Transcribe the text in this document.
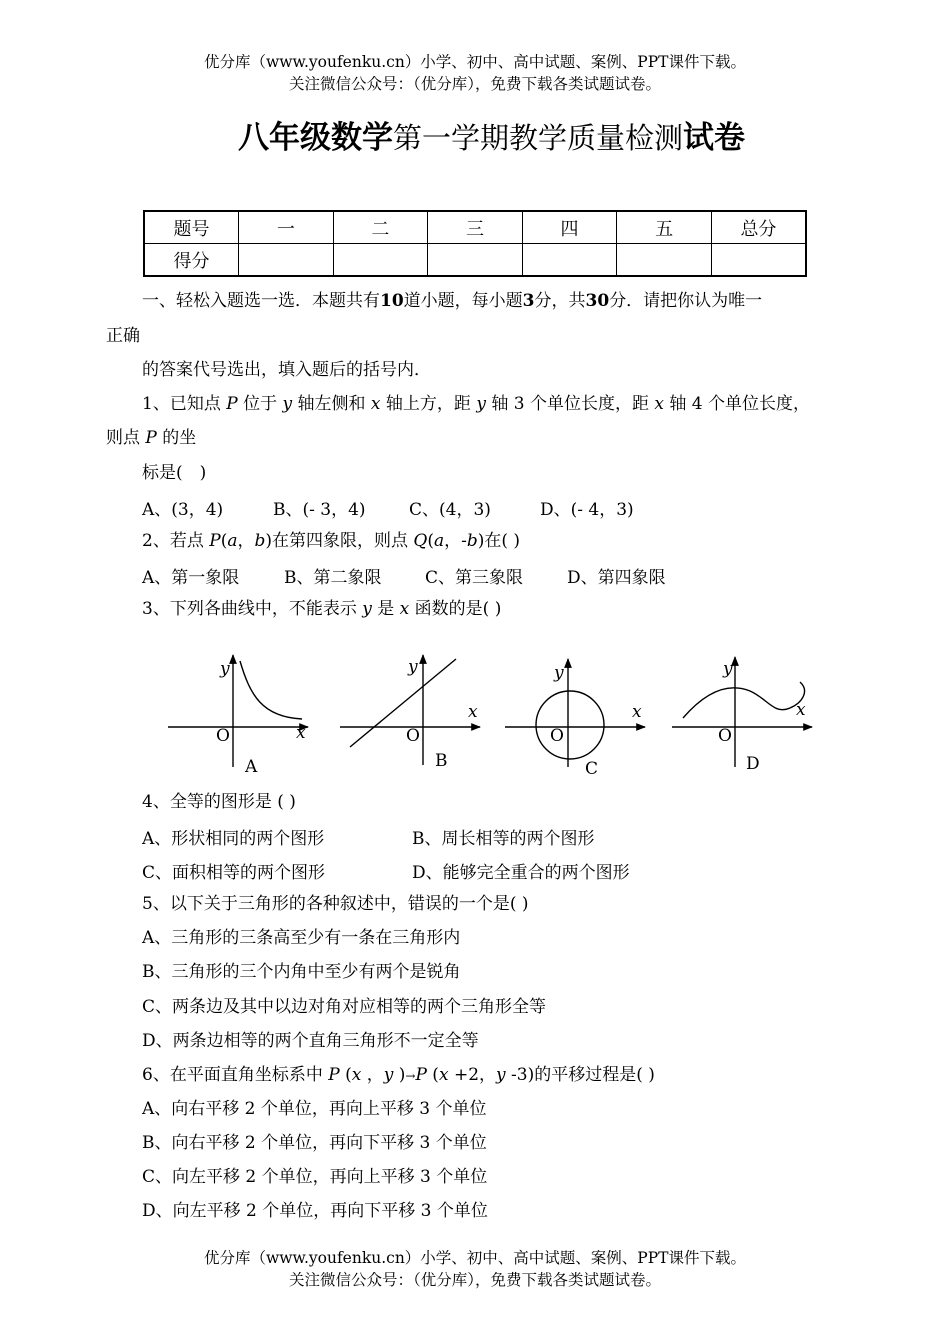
优分库（www.youfenku.cn）小学、初中、高中试题、案例、PPT课件下载。
关注微信公众号：（优分库），免费下载各类试题试卷。
八年级数学第一学期教学质量检测试卷
题号	一	二	三	四	五	总分
得分						
一、轻松入题选一选．本题共有10道小题，每小题3分，共30分．请把你认为唯一
正确
的答案代号选出，填入题后的括号内．
1、已知点 P 位于 y 轴左侧和 x 轴上方，距 y 轴 3 个单位长度，距 x 轴 4 个单位长度，
则点 P 的坐
标是(　)
A、(3，4)	B、(- 3，4)	C、(4，3)	D、(- 4，3)
2、若点 P(a，b)在第四象限，则点 Q(a，-b)在( )
A、第一象限	B、第二象限	C、第三象限	D、第四象限
3、下列各曲线中，不能表示 y 是 x 函数的是( )
y
O	x
A
y
O
x
B
y
O
x
C
y
O
x
D
4、全等的图形是 ( )
A、形状相同的两个图形	B、周长相等的两个图形
C、面积相等的两个图形	D、能够完全重合的两个图形
5、以下关于三角形的各种叙述中，错误的一个是( )
A、三角形的三条高至少有一条在三角形内
B、三角形的三个内角中至少有两个是锐角
C、两条边及其中以边对角对应相等的两个三角形全等
D、两条边相等的两个直角三角形不一定全等
6、在平面直角坐标系中 P (x ，y )→P (x +2，y -3)的平移过程是( )
A、向右平移 2 个单位，再向上平移 3 个单位
B、向右平移 2 个单位，再向下平移 3 个单位
C、向左平移 2 个单位，再向上平移 3 个单位
D、向左平移 2 个单位，再向下平移 3 个单位
优分库（www.youfenku.cn）小学、初中、高中试题、案例、PPT课件下载。
关注微信公众号：（优分库），免费下载各类试题试卷。
